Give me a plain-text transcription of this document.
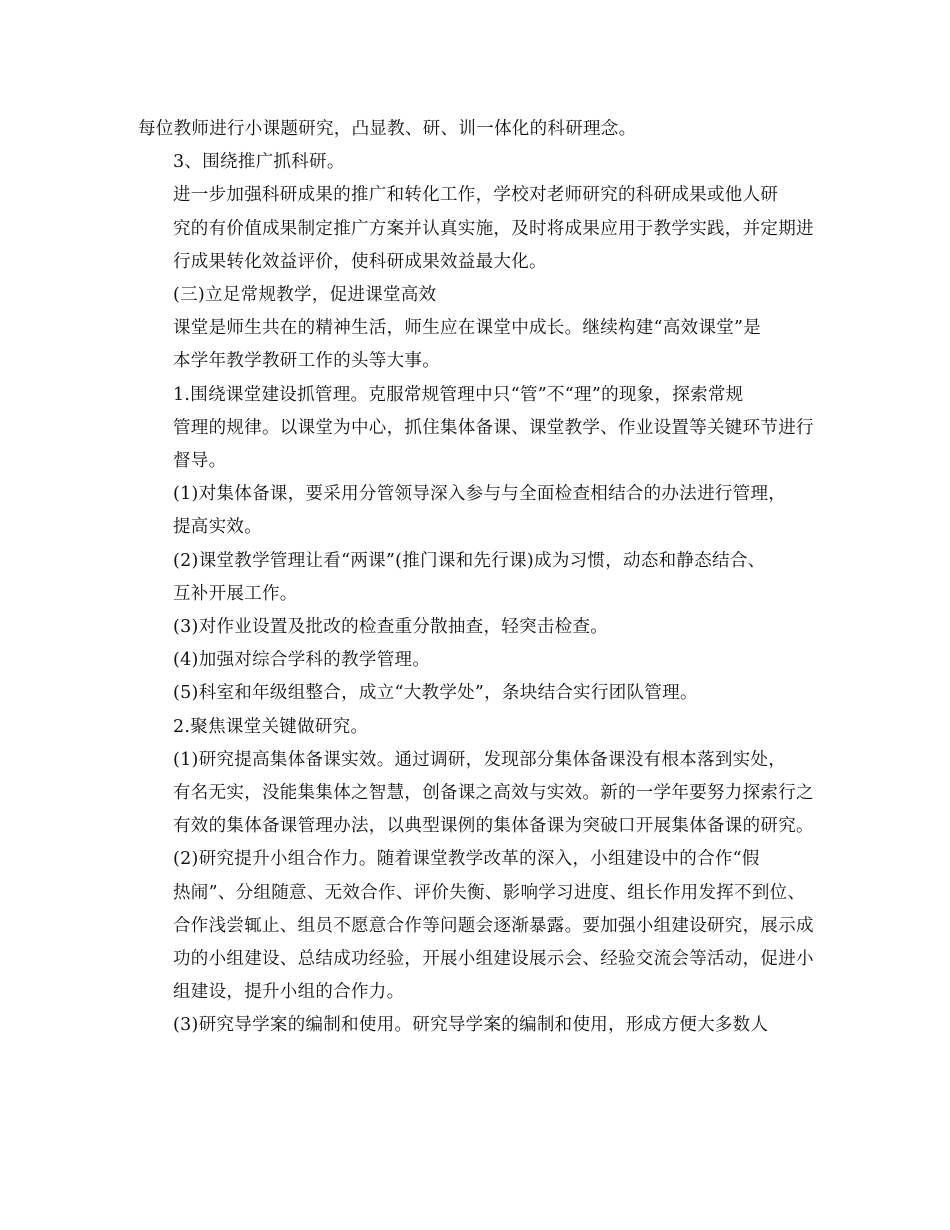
每位教师进行小课题研究，凸显教、研、训一体化的科研理念。

3、围绕推广抓科研。

进一步加强科研成果的推广和转化工作，学校对老师研究的科研成果或他人研
究的有价值成果制定推广方案并认真实施，及时将成果应用于教学实践，并定期进
行成果转化效益评价，使科研成果效益最大化。

(三)立足常规教学，促进课堂高效

课堂是师生共在的精神生活，师生应在课堂中成长。继续构建“高效课堂”是
本学年教学教研工作的头等大事。

1.围绕课堂建设抓管理。克服常规管理中只“管”不“理”的现象，探索常规
管理的规律。以课堂为中心，抓住集体备课、课堂教学、作业设置等关键环节进行
督导。

(1)对集体备课，要采用分管领导深入参与与全面检查相结合的办法进行管理，
提高实效。

(2)课堂教学管理让看“两课”(推门课和先行课)成为习惯，动态和静态结合、
互补开展工作。

(3)对作业设置及批改的检查重分散抽查，轻突击检查。

(4)加强对综合学科的教学管理。

(5)科室和年级组整合，成立“大教学处”，条块结合实行团队管理。

2.聚焦课堂关键做研究。

(1)研究提高集体备课实效。通过调研，发现部分集体备课没有根本落到实处，
有名无实，没能集集体之智慧，创备课之高效与实效。新的一学年要努力探索行之
有效的集体备课管理办法，以典型课例的集体备课为突破口开展集体备课的研究。

(2)研究提升小组合作力。随着课堂教学改革的深入，小组建设中的合作“假
热闹”、分组随意、无效合作、评价失衡、影响学习进度、组长作用发挥不到位、
合作浅尝辄止、组员不愿意合作等问题会逐渐暴露。要加强小组建设研究，展示成
功的小组建设、总结成功经验，开展小组建设展示会、经验交流会等活动，促进小
组建设，提升小组的合作力。

(3)研究导学案的编制和使用。研究导学案的编制和使用，形成方便大多数人
